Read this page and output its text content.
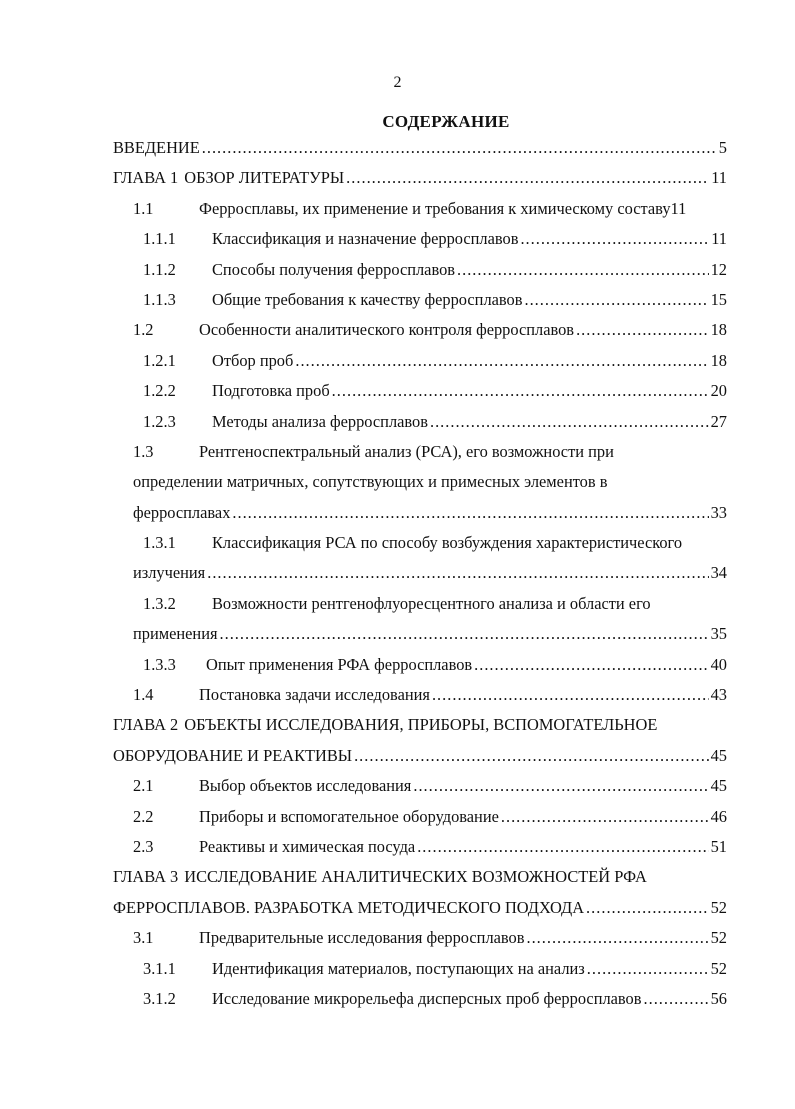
2
СОДЕРЖАНИЕ
ВВЕДЕНИЕ .....	5
ГЛАВА 1 ОБЗОР ЛИТЕРАТУРЫ .....	11
1.1	Ферросплавы, их применение и требования к химическому составу 11
1.1.1	Классификация и назначение ферросплавов .....	11
1.1.2	Способы получения ферросплавов .....	12
1.1.3	Общие требования к качеству ферросплавов .....	15
1.2	Особенности аналитического контроля ферросплавов .....	18
1.2.1	Отбор проб .....	18
1.2.2	Подготовка проб .....	20
1.2.3	Методы анализа ферросплавов .....	27
1.3	Рентгеноспектральный анализ (РСА), его возможности при
определении матричных, сопутствующих и примесных элементов в
ферросплавах .....	33
1.3.1	Классификация РСА по способу возбуждения характеристического
излучения .....	34
1.3.2	Возможности рентгенофлуоресцентного анализа и области его
применения .....	35
1.3.3	Опыт применения РФА ферросплавов .....	40
1.4	Постановка задачи исследования .....	43
ГЛАВА 2 ОБЪЕКТЫ ИССЛЕДОВАНИЯ, ПРИБОРЫ, ВСПОМОГАТЕЛЬНОЕ
ОБОРУДОВАНИЕ И РЕАКТИВЫ .....	45
2.1	Выбор объектов исследования .....	45
2.2	Приборы и вспомогательное оборудование .....	46
2.3	Реактивы и химическая посуда .....	51
ГЛАВА 3 ИССЛЕДОВАНИЕ АНАЛИТИЧЕСКИХ ВОЗМОЖНОСТЕЙ РФА
ФЕРРОСПЛАВОВ. РАЗРАБОТКА МЕТОДИЧЕСКОГО ПОДХОДА .....	52
3.1	Предварительные исследования ферросплавов .....	52
3.1.1	Идентификация материалов, поступающих на анализ .....	52
3.1.2	Исследование микрорельефа дисперсных проб ферросплавов .....	56
